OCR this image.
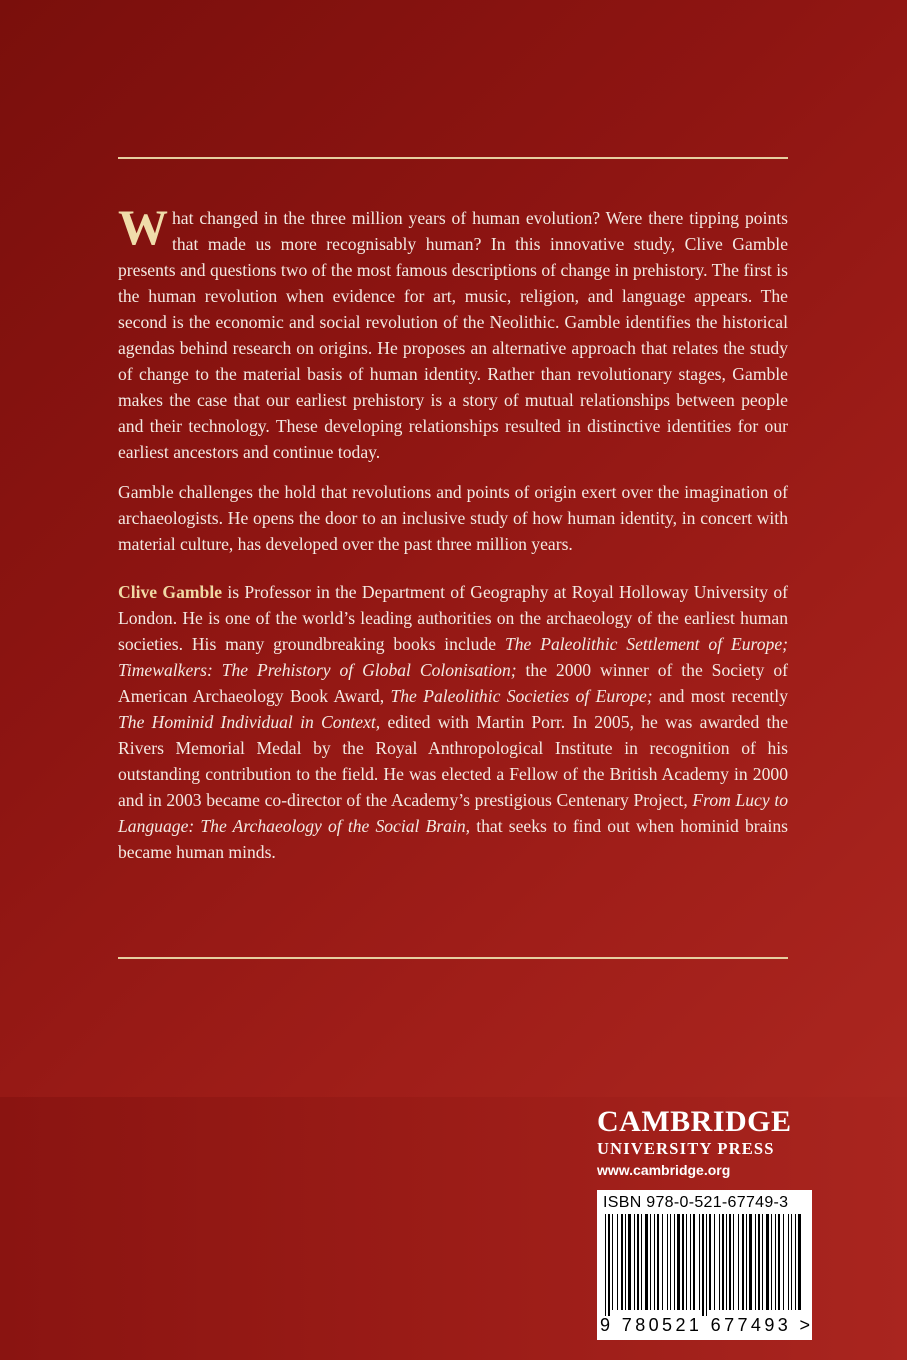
What changed in the three million years of human evolution? Were there tipping points that made us more recognisably human? In this innovative study, Clive Gamble presents and questions two of the most famous descriptions of change in prehistory. The first is the human revolution when evidence for art, music, religion, and language appears. The second is the economic and social revolution of the Neolithic. Gamble identifies the historical agendas behind research on origins. He proposes an alternative approach that relates the study of change to the material basis of human identity. Rather than revolutionary stages, Gamble makes the case that our earliest prehistory is a story of mutual relationships between people and their technology. These developing relationships resulted in distinctive identities for our earliest ancestors and continue today.

Gamble challenges the hold that revolutions and points of origin exert over the imagination of archaeologists. He opens the door to an inclusive study of how human identity, in concert with material culture, has developed over the past three million years.

Clive Gamble is Professor in the Department of Geography at Royal Holloway University of London. He is one of the world’s leading authorities on the archaeology of the earliest human societies. His many groundbreaking books include The Paleolithic Settlement of Europe; Timewalkers: The Prehistory of Global Colonisation; the 2000 winner of the Society of American Archaeology Book Award, The Paleolithic Societies of Europe; and most recently The Hominid Individual in Context, edited with Martin Porr. In 2005, he was awarded the Rivers Memorial Medal by the Royal Anthropological Institute in recognition of his outstanding contribution to the field. He was elected a Fellow of the British Academy in 2000 and in 2003 became co-director of the Academy’s prestigious Centenary Project, From Lucy to Language: The Archaeology of the Social Brain, that seeks to find out when hominid brains became human minds.

CAMBRIDGE
UNIVERSITY PRESS
www.cambridge.org
ISBN 978-0-521-67749-3
9 780521 677493 >
